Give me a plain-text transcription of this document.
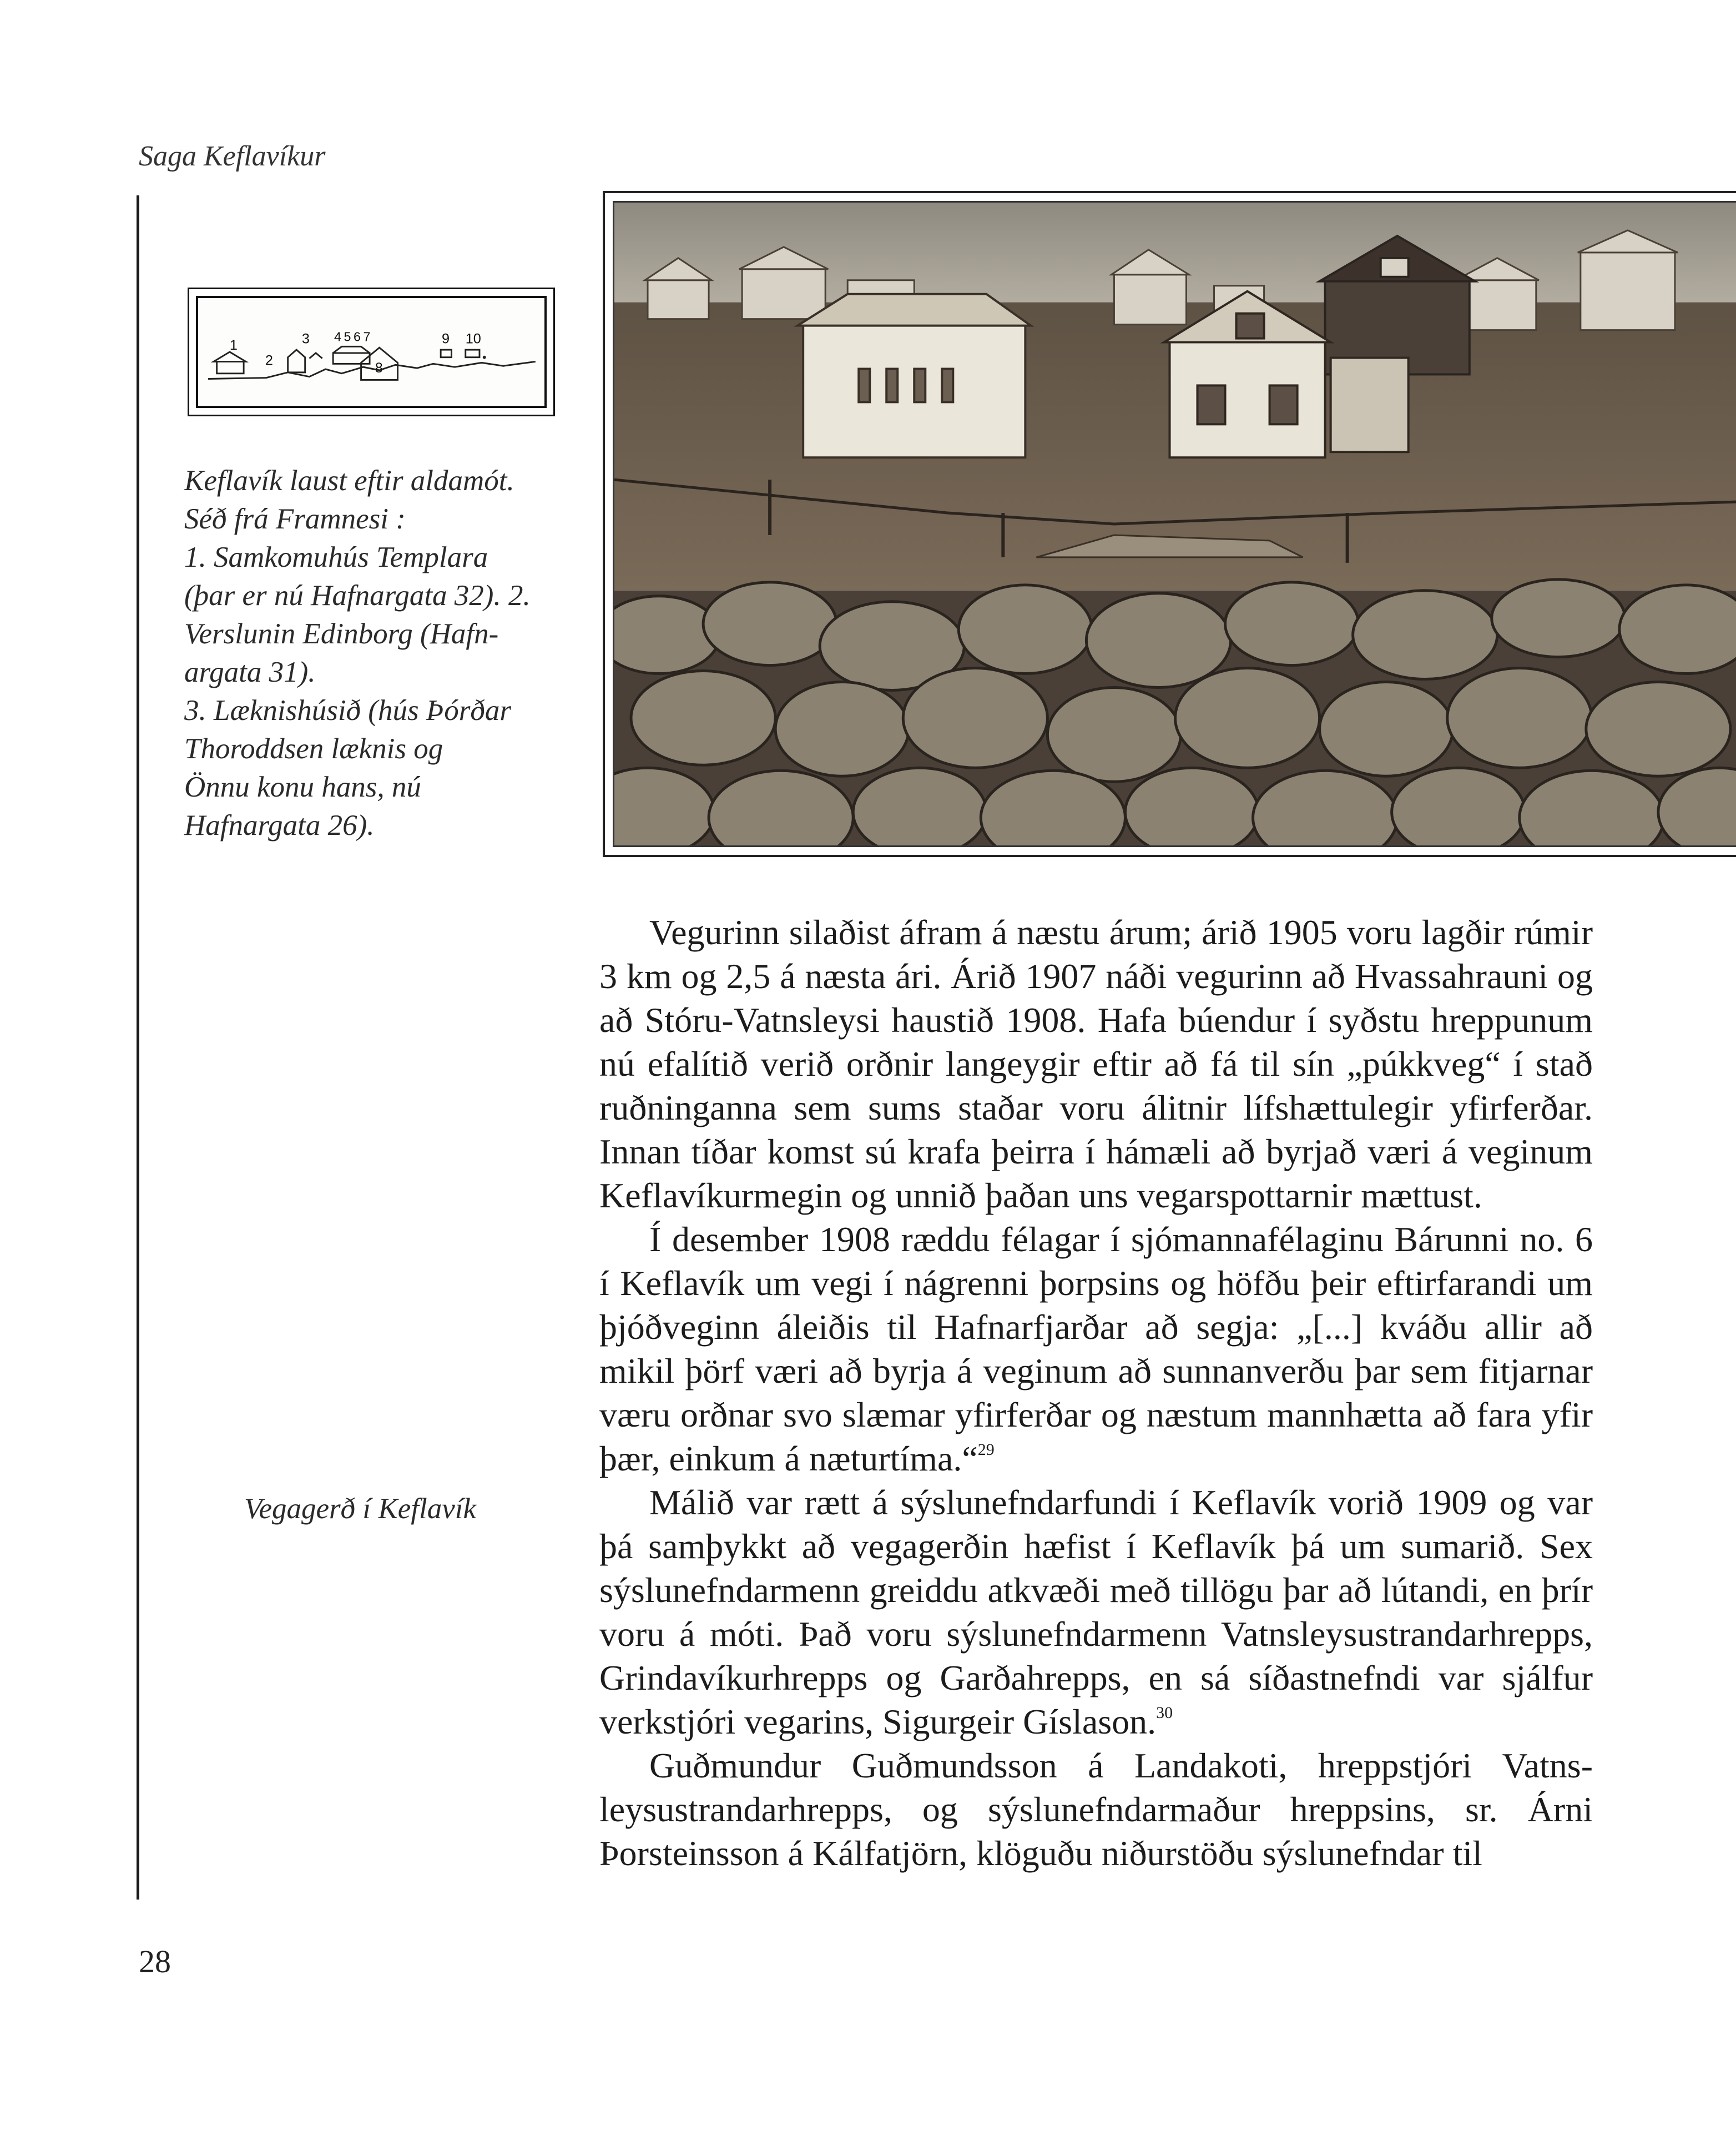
Saga Keflavíkur
1
2
3 4 5 6 7
8
9 10

Keflavík laust eftir aldamót.

Séð frá Framnesi :

1. Samkomuhús Templara

(þar er nú Hafnargata 32). 2.

Verslunin Edinborg (Hafn-

argata 31).

3. Læknishúsið (hús Þórðar

Thoroddsen læknis og

Önnu konu hans, nú

Hafnargata 26).

Vegagerð í Keflavík

Vegurinn silaðist áfram á næstu árum; árið 1905 voru lagðir rúmir 3 km og 2,5 á næsta ári. Árið 1907 náði vegurinn að Hvassahrauni og að Stóru-Vatnsleysi haustið 1908. Hafa búendur í syðstu hreppunum nú efalítið verið orðnir langeygir eftir að fá til sín „púkkveg“ í stað ruðninganna sem sums staðar voru álitnir lífshættulegir yfirferðar. Innan tíðar komst sú krafa þeirra í hámæli að byrjað væri á veginum Keflavíkurmegin og unnið þaðan uns vegarspottarnir mættust.

Í desember 1908 ræddu félagar í sjómannafélaginu Bárunni no. 6 í Keflavík um vegi í nágrenni þorpsins og höfðu þeir eftirfarandi um þjóðveginn áleiðis til Hafnarfjarðar að segja: „[...] kváðu allir að mikil þörf væri að byrja á veginum að sunnanverðu þar sem fitjarnar væru orðnar svo slæmar yfirferðar og næstum mannhætta að fara yfir þær, einkum á næturtíma.“$^{29}$

Málið var rætt á sýslunefndarfundi í Keflavík vorið 1909 og var þá samþykkt að vegagerðin hæfist í Keflavík þá um sumarið. Sex sýslunefndarmenn greiddu atkvæði með tillögu þar að lútandi, en þrír voru á móti. Það voru sýslunefndarmenn Vatnsleysustrandarhrepps, Grindavíkurhrepps og Garðahrepps, en sá síðastnefndi var sjálfur verkstjóri vegarins, Sigurgeir Gíslason.$^{30}$

Guðmundur Guðmundsson á Landakoti, hreppstjóri Vatnsleysustrandarhrepps, og sýslunefndarmaður hreppsins, sr. Árni Þorsteinsson á Kálfatjörn, klöguðu niðurstöðu sýslunefndar til

28
